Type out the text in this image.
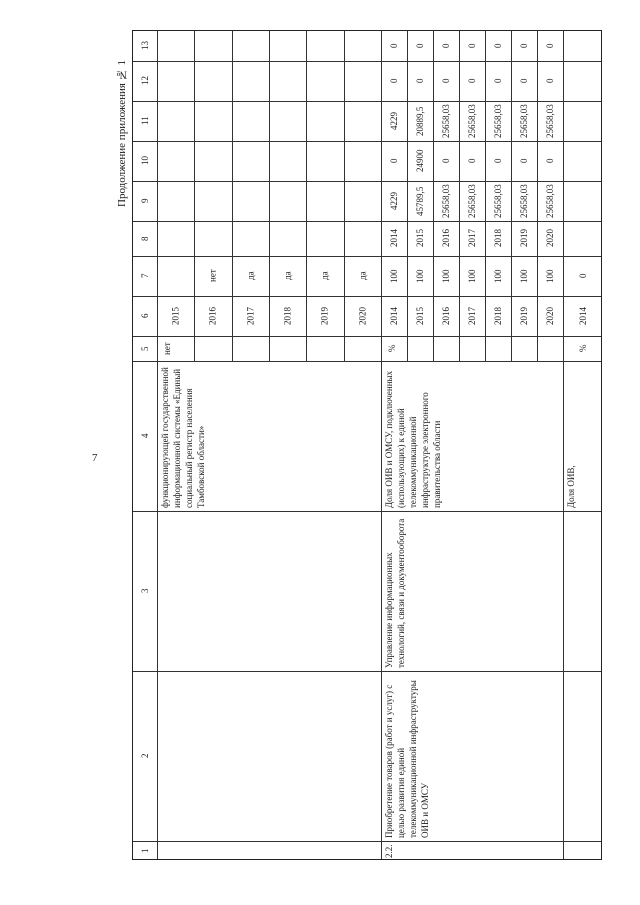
7
Продолжение приложения № 1
1
2
3
4
5
6
7
8
9
10
11
12
13
функционирующей государственной информационной системы «Единый социальный регистр населения Тамбовской области»
нет
2015	2016
нет
2017
да
2018
да
2019
да
2020
да
2.2.
Приобретение товаров (работ и услуг) с целью развития единой телекоммуникационной инфраструктуры ОИВ и ОМСУ
Управление информационных технологий, связи и документооборота
Доля ОИВ и ОМСУ, подключенных (использующих) к единой телекоммуникационной инфраструктуре электронного правительства области
%
2014
100
2014
4229
0
4229
0
0
2015
100
2015
45789,5
24900
20889,5
0
0
2016
100
2016
25658,03
0
25658,03
0
0
2017
100
2017
25658,03
0
25658,03
0
0
2018
100
2018
25658,03
0
25658,03
0
0
2019
100
2019
25658,03
0
25658,03
0
0
2020
100
2020
25658,03
0
25658,03
0
0
Доля ОИВ,
%
2014
0
